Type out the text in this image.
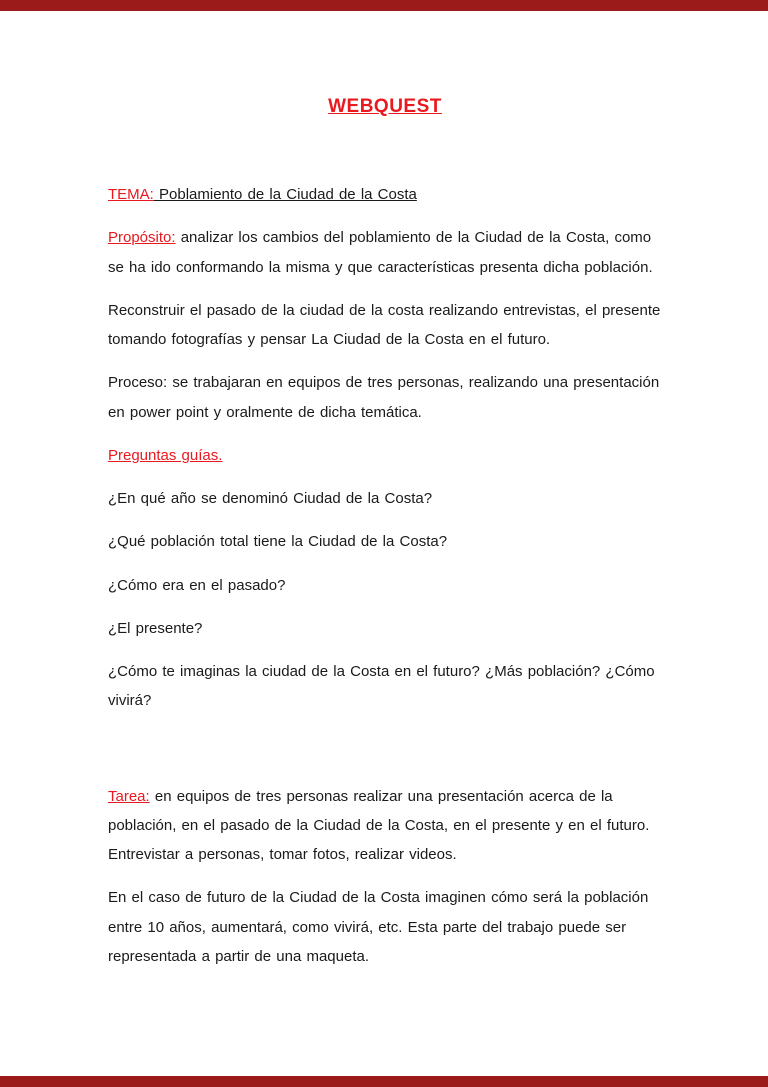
WEBQUEST

TEMA: Poblamiento de la Ciudad de la Costa

Propósito: analizar los cambios del poblamiento de la Ciudad de la Costa, como se ha ido conformando la misma y que características presenta dicha población.

Reconstruir el pasado de la ciudad de la costa realizando entrevistas, el presente tomando fotografías y pensar La Ciudad de la Costa en el futuro.

Proceso: se trabajaran en equipos de tres personas, realizando una presentación en power point y oralmente de dicha temática.

Preguntas guías.

¿En qué año se denominó Ciudad de la Costa?

¿Qué población total tiene la Ciudad de la Costa?

¿Cómo era en el pasado?

¿El presente?

¿Cómo te imaginas la ciudad de la Costa en el futuro? ¿Más población? ¿Cómo vivirá?

Tarea: en equipos de tres personas realizar una presentación acerca de la población, en el pasado de la Ciudad de la Costa, en el presente y en el futuro. Entrevistar a personas, tomar fotos, realizar videos.

En el caso de futuro de la Ciudad de la Costa imaginen cómo será la población entre 10 años, aumentará, como vivirá, etc. Esta parte del trabajo puede ser representada a partir de una maqueta.
